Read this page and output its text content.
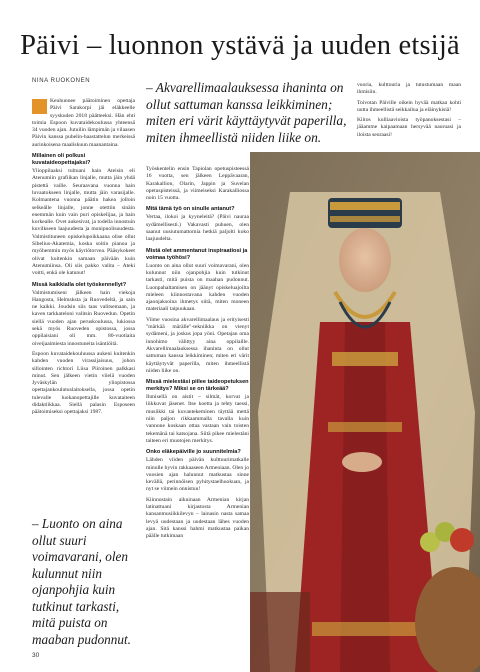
Päivi – luonnon ystävä ja uuden etsijä
NINA RUOKONEN

Keuhunnee päätoiminen opettaja Päivi Sarakorpi jäi eläkkeelle syyskuden 2018 päätteeksi. Hän ehti toimia Espoon kuvataidekoulussa yhteensä 34 vuoden ajan. Jutuilin lämpimän ja vilaasen Päivin kanssa puhelin-haastattelun merkeissä aurinkoisena maaliskuun maanantaina.

Millainen oli polkusi kuvataideopettajaksi?

Ylioppilaaksi tultuani hain Ateisin eli Atenumiin grafiikan linjalle, mutta jäin yhdä pistettä vaille. Seuraavana vuonna hain luvaatokseen linjalle, mutta jäin varasijalle. Kolmantena vuonna päätin hakea jolloin selkeälle linjalle, jonne otettiin sinäin enemmän kuin vain puri opiskelijaa, ja hain korkealle. Ovet aukesivat, ja todella innostuin kuvilkseen laajuudesta ja monipuolisuudesta. Valmistituneen opiskelupoikkaana olise ollut Sibelius-Akatemia, koska soitin pianoa ja myöhemmin myös käyriötorvea. Pääsykokeet olivat kuitenkin samaan päivään kuin Atenumiinsa. Oli siis pakko valita – Ateki voitti, enkä ole katunut!

Missä kaikkialla olet työskennellyt?

Valmistumiseni jälkeen hain viekoja Hangosta, Helmsksta ja Ruovedeltä, ja sain ne kaikki. Joudsin siis taas valitsemaan, ja kaven tarkkateloni valitsin Ruovedun. Opetin siellä vuoden ajan peruskoulussa, lukiossa sekä myös Ruoveden opistossa, jossa oppilaisiani oli mm. 80-vuotiaita oiveijaaimiesta innostuneita isäntiöitä.

Espoon kuvataidekouluussa aukeni kuitenkin kahden vuoden virassijaisuus, johon sillointen richtori Liisa Piiroinen palkkasi minut. Sen jälkeen vietin viielä vuoden Jyväskylän yliopistossa opettajankoulutuslaitoksella, jossa opetin tulevalle luokanopettajille kuvataiteen didaktiikkaa. Siellä palasin Esposeen päätoimiseksi opettajaksi 1987.

– Akvarellimaalauksessa ihaninta on ollut sattuman kanssa leikkiminen; miten eri värit käyttäytyvät paperilla, miten ihmeellistä niiden liike on.

Työskentelin ensin Tapiolan opetuspisteessä 16 vuotta, sen jälkeen Leppävaaran, Karakallion, Olarin, Jappin ja Suvelan opetuspisteissä, ja viimeiseksi Karakalliossa noin 15 vuotta.

Mitä tämä työ on sinulle antanut?

Vertaa, ilokoi ja kyyneleitä? (Päivi nauraa sydämellisesti.) Vakavasti puhuen, olen saanut uusiutumattomia hetkiä paljolti koko laajuudelta.

Mistä olet ammentanut inspiraatiosi ja voimaa työhösi?

Luonto on aina ollut suuri voimavarani, olen kulunnut niin ojanpohjia kuin tutkinut tarkasti, mitä puista on maahan pudonnut. Luonpahaltamisen on jäänyt opiskeluajoilta mieleen kiinnostavana kahden vuoden ajaonjaksoina ihmetys siitä, miten moneen materiaali taipuukaan.

Viime vuosina akvarellimaalaus ja erityisesti "märkää märälle"-tekniikka on vienyt sydämeni, ja joskus jopa yöni. Opetajan oma innohimo välittyy aina oppilaille. Akvarellimaalauksessa ihaninta on ollut sattuman kanssa leikkiminen; miten eri värit käyttäytyvät paperilla, miten ihmeellistä niiden liike on.

Missä mielestäsi piilee taideopetuksen merkitys? Miksi se on tärkeää?

Ihmisellä on aistit – silmät, korvat ja liikkuvat jäsenet. Itse koetta ja tehty taessi, musiikki tai kuvantekeminen täyttää mettä niin paljon rikkaammalla tavalla kuin vannone koskaan ottaa vastaan vain toisten tekemänä tai katsojana. Siitä pikee mielestäni taiteen eri muotojen merkitys.

Onko eläkepäiville jo suunnitelmia?

Lähden viiden päivän kulttuurimatkalle minulle hyvin rakkaaseen Armeniaan. Olen jo vuosien ajan halunnut matkustaa sinne kevällä, perinnöisen pyhitystaelhuokuan, ja nyt se viimein onnistuu!

Kiinnostain aikuinaan Armenian kirjan latinattuani kirjastosta Armenian kansanmusiikkilevyn – lainasin nasta samaa levyä uudestaan ja uudestaan lähes vuoden ajan. Sitä kanssi hahmi matkustaa paikan päälle tutkimaan

vuoria, kulttuuria ja tutustumaan maan ihmisiin.

Toivotan Päiville oikein hyvää matkaa kohti uutta ihmeellistä seikkailua ja eläinykisiä!

Kiitos kulliaavioista työpanoksestasi – jääamme kaipaamaan hersyvää nauruasi ja iloista seuraasi!

– Luonto on aina ollut suuri voimavarani, olen kulunnut niin ojanpohjia kuin tutkinut tarkasti, mitä puista on maaban pudonnut.

30
